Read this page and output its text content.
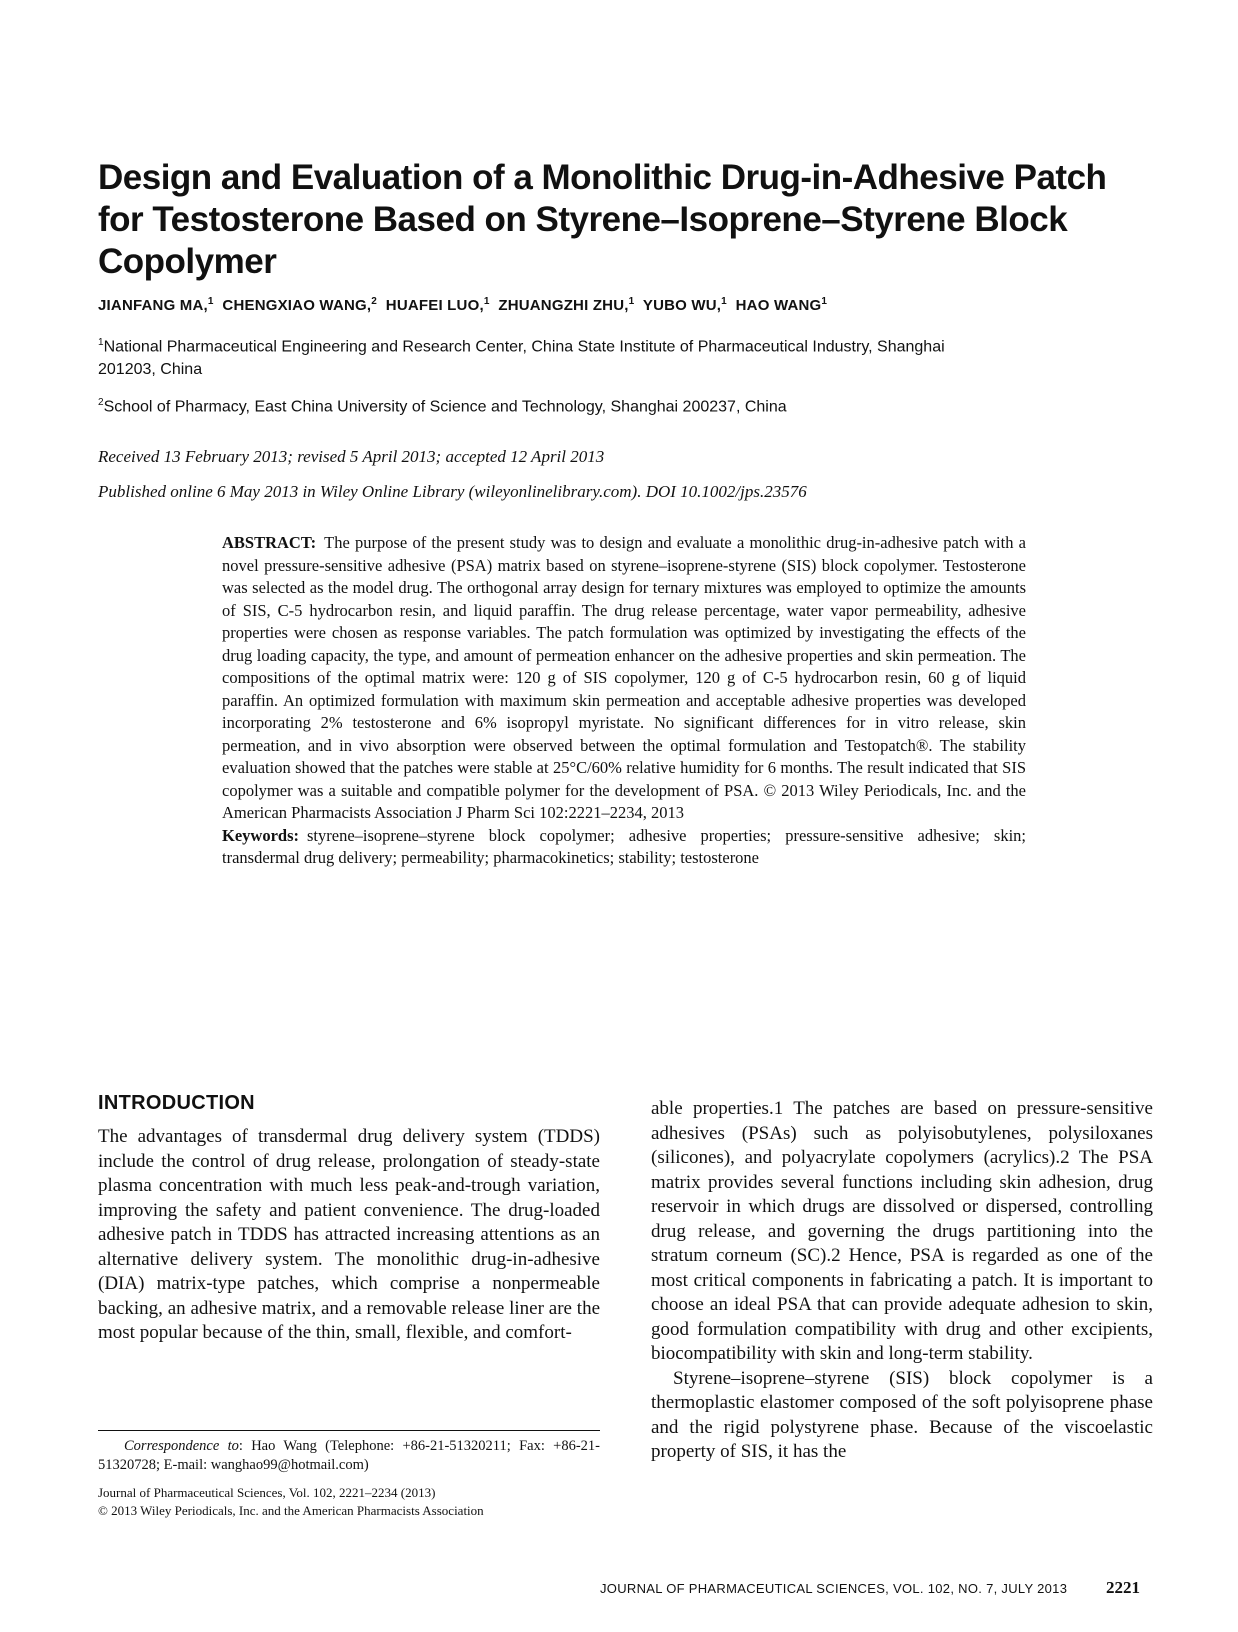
Design and Evaluation of a Monolithic Drug-in-Adhesive Patch for Testosterone Based on Styrene–Isoprene–Styrene Block Copolymer
JIANFANG MA,$^1$ CHENGXIAO WANG,$^2$ HUAFEI LUO,$^1$ ZHUANGZHI ZHU,$^1$ YUBO WU,$^1$ HAO WANG$^1$
$^1$National Pharmaceutical Engineering and Research Center, China State Institute of Pharmaceutical Industry, Shanghai 201203, China
$^2$School of Pharmacy, East China University of Science and Technology, Shanghai 200237, China
Received 13 February 2013; revised 5 April 2013; accepted 12 April 2013
Published online 6 May 2013 in Wiley Online Library (wileyonlinelibrary.com). DOI 10.1002/jps.23576

ABSTRACT: The purpose of the present study was to design and evaluate a monolithic drug-in-adhesive patch with a novel pressure-sensitive adhesive (PSA) matrix based on styrene–isoprene-styrene (SIS) block copolymer. Testosterone was selected as the model drug. The orthogonal array design for ternary mixtures was employed to optimize the amounts of SIS, C-5 hydrocarbon resin, and liquid paraffin. The drug release percentage, water vapor permeability, adhesive properties were chosen as response variables. The patch formulation was optimized by investigating the effects of the drug loading capacity, the type, and amount of permeation enhancer on the adhesive properties and skin permeation. The compositions of the optimal matrix were: 120 g of SIS copolymer, 120 g of C-5 hydrocarbon resin, 60 g of liquid paraffin. An optimized formulation with maximum skin permeation and acceptable adhesive properties was developed incorporating 2% testosterone and 6% isopropyl myristate. No significant differences for in vitro release, skin permeation, and in vivo absorption were observed between the optimal formulation and Testopatch®. The stability evaluation showed that the patches were stable at 25°C/60% relative humidity for 6 months. The result indicated that SIS copolymer was a suitable and compatible polymer for the development of PSA. © 2013 Wiley Periodicals, Inc. and the American Pharmacists Association J Pharm Sci 102:2221–2234, 2013

Keywords: styrene–isoprene–styrene block copolymer; adhesive properties; pressure-sensitive adhesive; skin; transdermal drug delivery; permeability; pharmacokinetics; stability; testosterone

INTRODUCTION

The advantages of transdermal drug delivery system (TDDS) include the control of drug release, prolongation of steady-state plasma concentration with much less peak-and-trough variation, improving the safety and patient convenience. The drug-loaded adhesive patch in TDDS has attracted increasing attentions as an alternative delivery system. The monolithic drug-in-adhesive (DIA) matrix-type patches, which comprise a nonpermeable backing, an adhesive matrix, and a removable release liner are the most popular because of the thin, small, flexible, and comfort-

able properties.1 The patches are based on pressure-sensitive adhesives (PSAs) such as polyisobutylenes, polysiloxanes (silicones), and polyacrylate copolymers (acrylics).2 The PSA matrix provides several functions including skin adhesion, drug reservoir in which drugs are dissolved or dispersed, controlling drug release, and governing the drugs partitioning into the stratum corneum (SC).2 Hence, PSA is regarded as one of the most critical components in fabricating a patch. It is important to choose an ideal PSA that can provide adequate adhesion to skin, good formulation compatibility with drug and other excipients, biocompatibility with skin and long-term stability.

Styrene–isoprene–styrene (SIS) block copolymer is a thermoplastic elastomer composed of the soft polyisoprene phase and the rigid polystyrene phase. Because of the viscoelastic property of SIS, it has the

Correspondence to: Hao Wang (Telephone: +86-21-51320211; Fax: +86-21-51320728; E-mail: wanghao99@hotmail.com)
Journal of Pharmaceutical Sciences, Vol. 102, 2221–2234 (2013)
© 2013 Wiley Periodicals, Inc. and the American Pharmacists Association
JOURNAL OF PHARMACEUTICAL SCIENCES, VOL. 102, NO. 7, JULY 2013 2221
